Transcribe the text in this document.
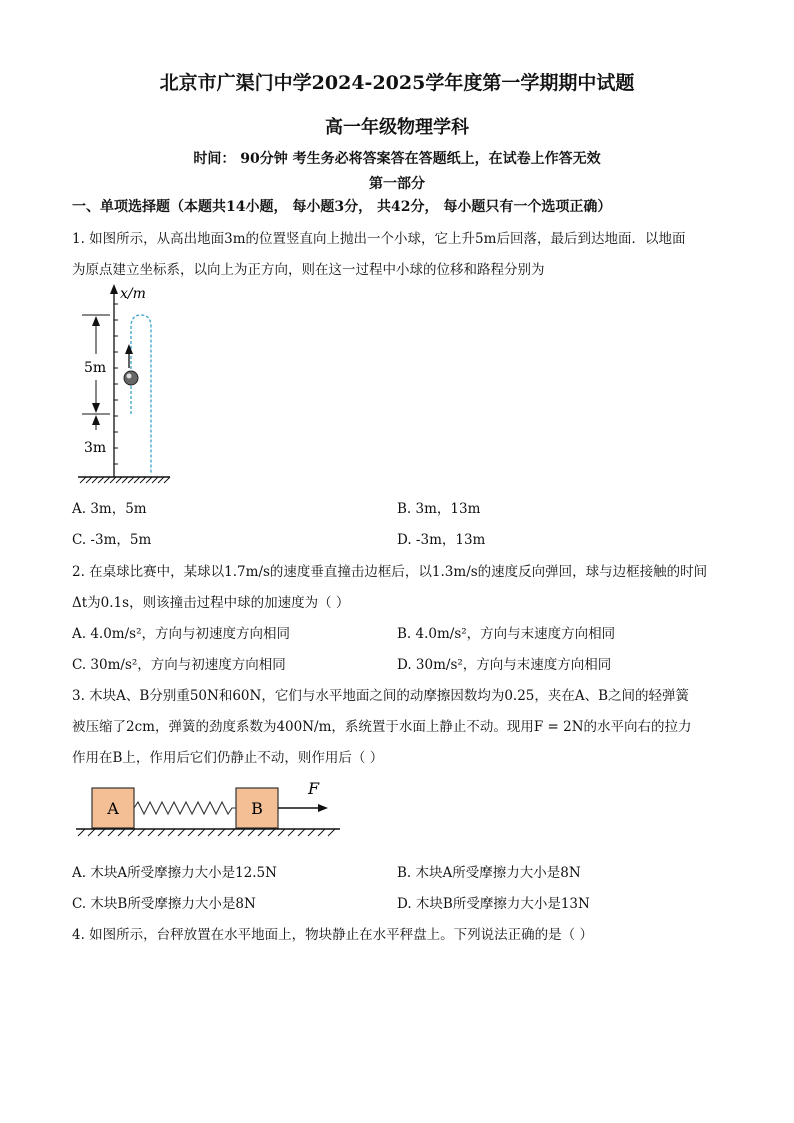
北京市广渠门中学2024-2025学年度第一学期期中试题
高一年级物理学科
时间： 90分钟 考生务必将答案答在答题纸上，在试卷上作答无效
第一部分
一、单项选择题（本题共14小题， 每小题3分， 共42分， 每小题只有一个选项正确）
1. 如图所示，从高出地面3m的位置竖直向上抛出一个小球，它上升5m后回落，最后到达地面．以地面
为原点建立坐标系，以向上为正方向，则在这一过程中小球的位移和路程分别为
x/m
5m
3m
A. 3m，5m	B. 3m，13m
C. -3m，5m	D. -3m，13m
2. 在桌球比赛中，某球以1.7m/s的速度垂直撞击边框后，以1.3m/s的速度反向弹回，球与边框接触的时间
Δt为0.1s，则该撞击过程中球的加速度为（ ）
A. 4.0m/s²，方向与初速度方向相同	B. 4.0m/s²，方向与末速度方向相同
C. 30m/s²，方向与初速度方向相同	D. 30m/s²，方向与末速度方向相同
3. 木块A、B分别重50N和60N，它们与水平地面之间的动摩擦因数均为0.25，夹在A、B之间的轻弹簧
被压缩了2cm，弹簧的劲度系数为400N/m，系统置于水面上静止不动。现用F = 2N的水平向右的拉力
作用在B上，作用后它们仍静止不动，则作用后（ ）
A	B
F
A. 木块A所受摩擦力大小是12.5N	B. 木块A所受摩擦力大小是8N
C. 木块B所受摩擦力大小是8N	D. 木块B所受摩擦力大小是13N
4. 如图所示，台秤放置在水平地面上，物块静止在水平秤盘上。下列说法正确的是（ ）
